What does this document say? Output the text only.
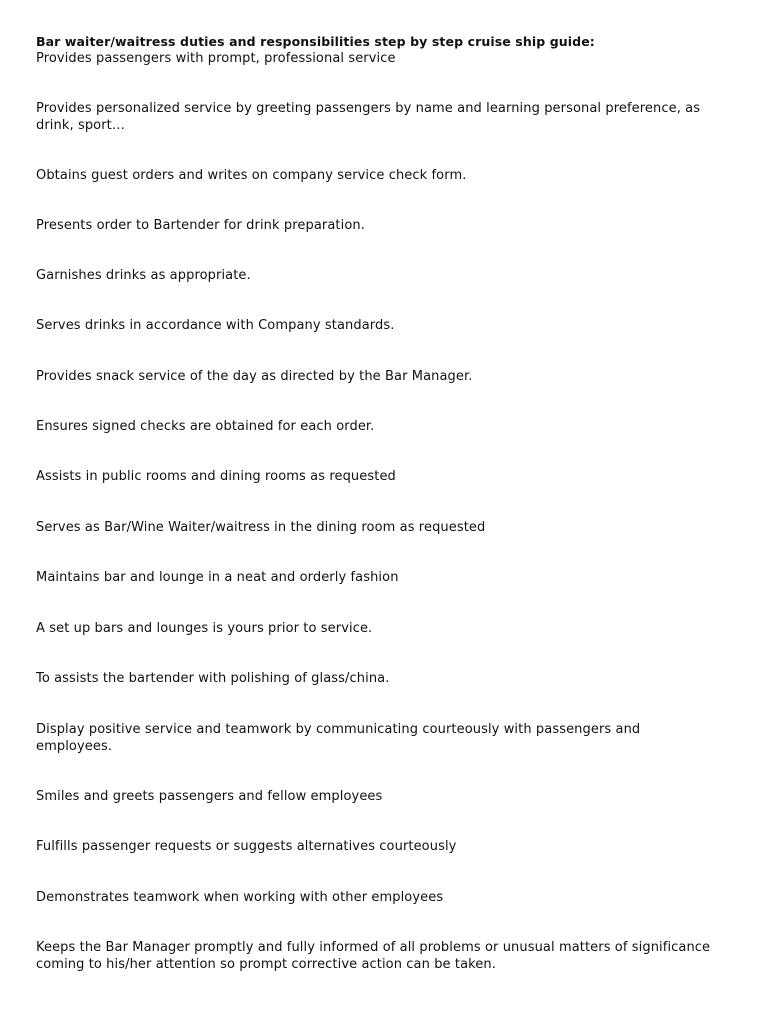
Bar waiter/waitress duties and responsibilities step by step cruise ship guide:

Provides passengers with prompt, professional service
Provides personalized service by greeting passengers by name and learning personal preference, as drink, sport…
Obtains guest orders and writes on company service check form.
Presents order to Bartender for drink preparation.
Garnishes drinks as appropriate.
Serves drinks in accordance with Company standards.
Provides snack service of the day as directed by the Bar Manager.
Ensures signed checks are obtained for each order.
Assists in public rooms and dining rooms as requested
Serves as Bar/Wine Waiter/waitress in the dining room as requested
Maintains bar and lounge in a neat and orderly fashion
A set up bars and lounges is yours prior to service.
To assists the bartender with polishing of glass/china.
Display positive service and teamwork by communicating courteously with passengers and employees.
Smiles and greets passengers and fellow employees
Fulfills passenger requests or suggests alternatives courteously
Demonstrates teamwork when working with other employees
Keeps the Bar Manager promptly and fully informed of all problems or unusual matters of significance coming to his/her attention so prompt corrective action can be taken.
